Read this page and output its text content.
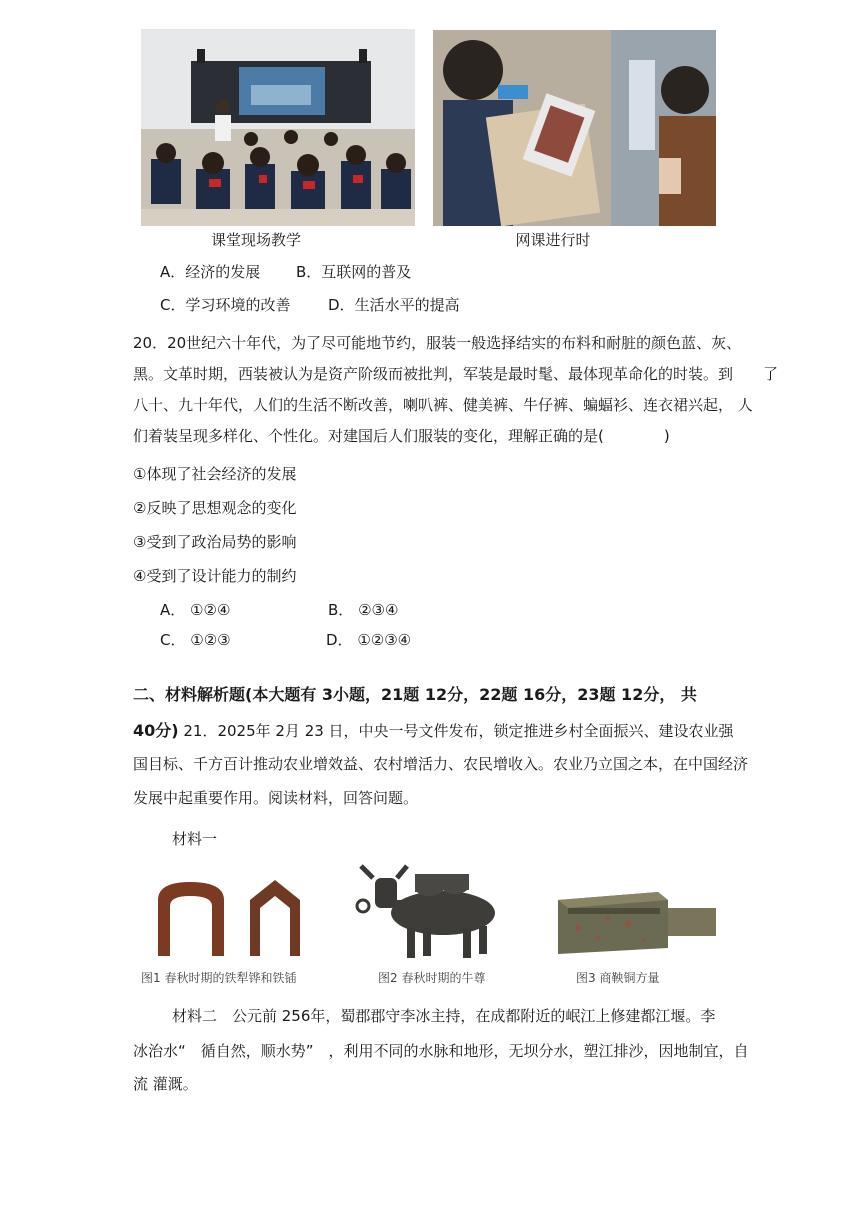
课堂现场教学	网课进行时
A．经济的发展 B．互联网的普及
C．学习环境的改善	D．生活水平的提高
20．20世纪六十年代，为了尽可能地节约，服装一般选择结实的布料和耐脏的颜色蓝、灰、
黑。文革时期，西装被认为是资产阶级而被批判，军装是最时髦、最体现革命化的时装。到　　了
八十、九十年代，人们的生活不断改善，喇叭裤、健美裤、牛仔裤、蝙蝠衫、连衣裙兴起， 人
们着装呈现多样化、个性化。对建国后人们服装的变化，理解正确的是(　　　　)
①体现了社会经济的发展
②反映了思想观念的变化
③受到了政治局势的影响
④受到了设计能力的制约
A． ①②④	B． ②③④
C． ①②③	D． ①②③④
二、材料解析题(本大题有 3小题，21题 12分，22题 16分，23题 12分， 共
40分) 21．2025年 2月 23 日，中央一号文件发布，锁定推进乡村全面振兴、建设农业强
国目标、千方百计推动农业增效益、农村增活力、农民增收入。农业乃立国之本，在中国经济
发展中起重要作用。阅读材料，回答问题。
材料一
图1 春秋时期的铁犁铧和铁锸	图2 春秋时期的牛尊	图3 商鞅铜方量
材料二　公元前 256年，蜀郡郡守李冰主持，在成都附近的岷江上修建都江堰。李
冰治水“　循自然，顺水势”　，利用不同的水脉和地形，无坝分水，塑江排沙，因地制宜，自
流 灌溉。
